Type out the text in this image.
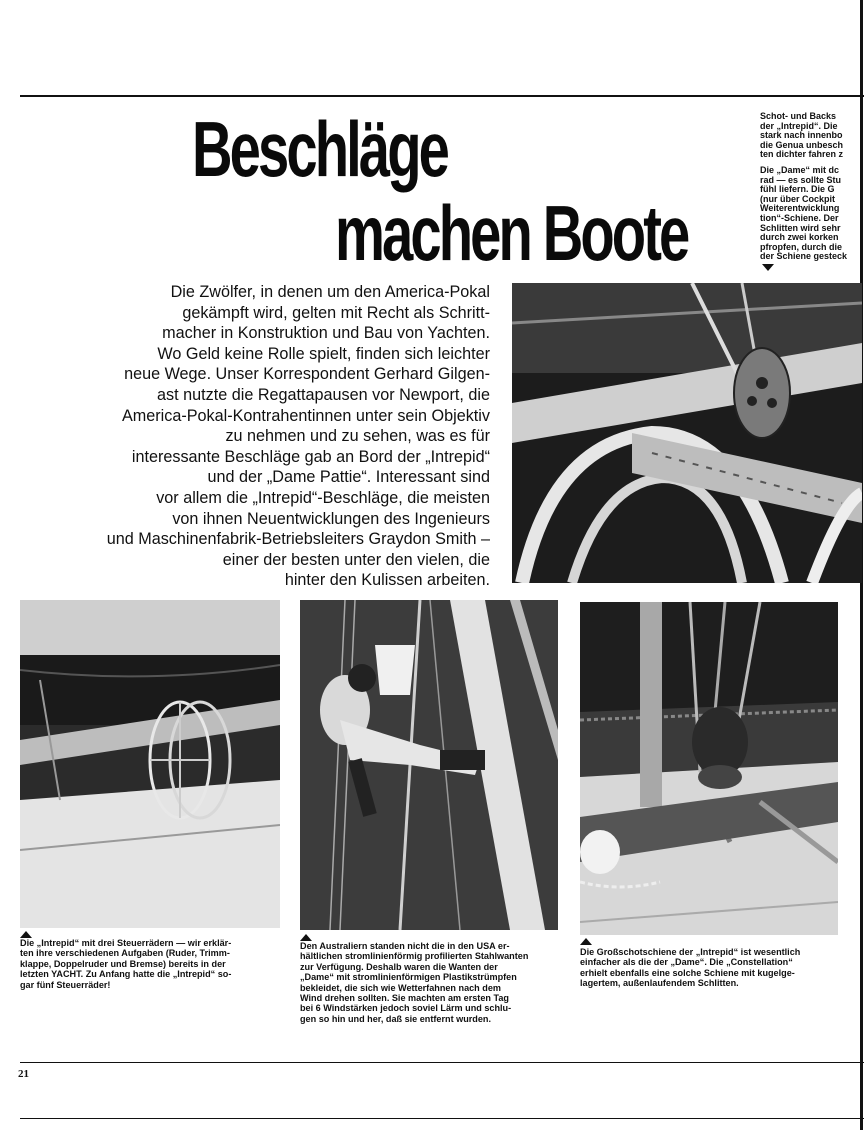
Beschläge
machen Boote

Schot- und Backs
der „Intrepid“. Die
stark nach innenbo
die Genua unbesch
ten dichter fahren z

Die „Dame“ mit dc
rad — es sollte Stu
fühl liefern. Die G
(nur über Cockpit
Weiterentwicklung
tion“-Schiene. Der
Schlitten wird sehr
durch zwei korken
pfropfen, durch die
der Schiene gesteck

Die Zwölfer, in denen um den America-Pokal
gekämpft wird, gelten mit Recht als Schritt-
macher in Konstruktion und Bau von Yachten.
Wo Geld keine Rolle spielt, finden sich leichter
neue Wege. Unser Korrespondent Gerhard Gilgen-
ast nutzte die Regattapausen vor Newport, die
America-Pokal-Kontrahentinnen unter sein Objektiv
zu nehmen und zu sehen, was es für
interessante Beschläge gab an Bord der „Intrepid“
und der „Dame Pattie“. Interessant sind
vor allem die „Intrepid“-Beschläge, die meisten
von ihnen Neuentwicklungen des Ingenieurs
und Maschinenfabrik-Betriebsleiters Graydon Smith –
einer der besten unter den vielen, die
hinter den Kulissen arbeiten.
Die „Intrepid“ mit drei Steuerrädern — wir erklär-
ten ihre verschiedenen Aufgaben (Ruder, Trimm-
klappe, Doppelruder und Bremse) bereits in der
letzten YACHT. Zu Anfang hatte die „Intrepid“ so-
gar fünf Steuerräder!
Den Australiern standen nicht die in den USA er-
hältlichen stromlinienförmig profilierten Stahlwanten
zur Verfügung. Deshalb waren die Wanten der
„Dame“ mit stromlinienförmigen Plastikstrümpfen
bekleidet, die sich wie Wetterfahnen nach dem
Wind drehen sollten. Sie machten am ersten Tag
bei 6 Windstärken jedoch soviel Lärm und schlu-
gen so hin und her, daß sie entfernt wurden.
Die Großschotschiene der „Intrepid“ ist wesentlich
einfacher als die der „Dame“. Die „Constellation“
erhielt ebenfalls eine solche Schiene mit kugelge-
lagertem, außenlaufendem Schlitten.
21
